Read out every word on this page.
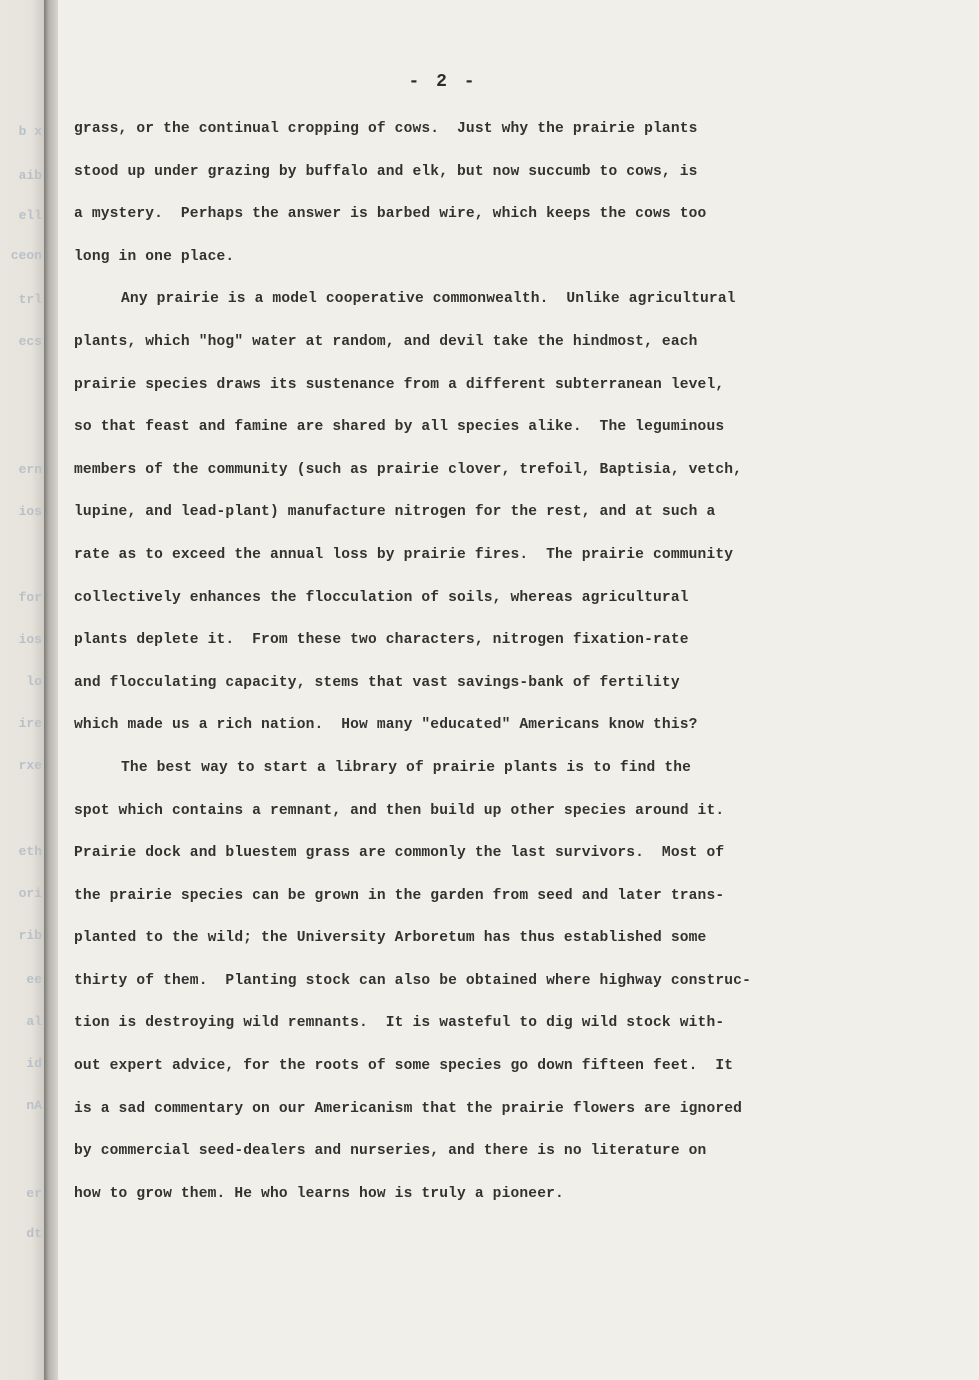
b x
aib
ell
ceon
trl
ecs
ern
ios
for
ios
lo
ire
rxe
eth
ori
rib
ee
al
id
nA
er
dt
- 2 -
grass, or the continual cropping of cows.  Just why the prairie plants
stood up under grazing by buffalo and elk, but now succumb to cows, is
a mystery.  Perhaps the answer is barbed wire, which keeps the cows too
long in one place.
Any prairie is a model cooperative commonwealth.  Unlike agricultural
plants, which "hog" water at random, and devil take the hindmost, each
prairie species draws its sustenance from a different subterranean level,
so that feast and famine are shared by all species alike.  The leguminous
members of the community (such as prairie clover, trefoil, Baptisia, vetch,
lupine, and lead-plant) manufacture nitrogen for the rest, and at such a
rate as to exceed the annual loss by prairie fires.  The prairie community
collectively enhances the flocculation of soils, whereas agricultural
plants deplete it.  From these two characters, nitrogen fixation-rate
and flocculating capacity, stems that vast savings-bank of fertility
which made us a rich nation.  How many "educated" Americans know this?
The best way to start a library of prairie plants is to find the
spot which contains a remnant, and then build up other species around it.
Prairie dock and bluestem grass are commonly the last survivors.  Most of
the prairie species can be grown in the garden from seed and later trans-
planted to the wild; the University Arboretum has thus established some
thirty of them.  Planting stock can also be obtained where highway construc-
tion is destroying wild remnants.  It is wasteful to dig wild stock with-
out expert advice, for the roots of some species go down fifteen feet.  It
is a sad commentary on our Americanism that the prairie flowers are ignored
by commercial seed-dealers and nurseries, and there is no literature on
how to grow them. He who learns how is truly a pioneer.
